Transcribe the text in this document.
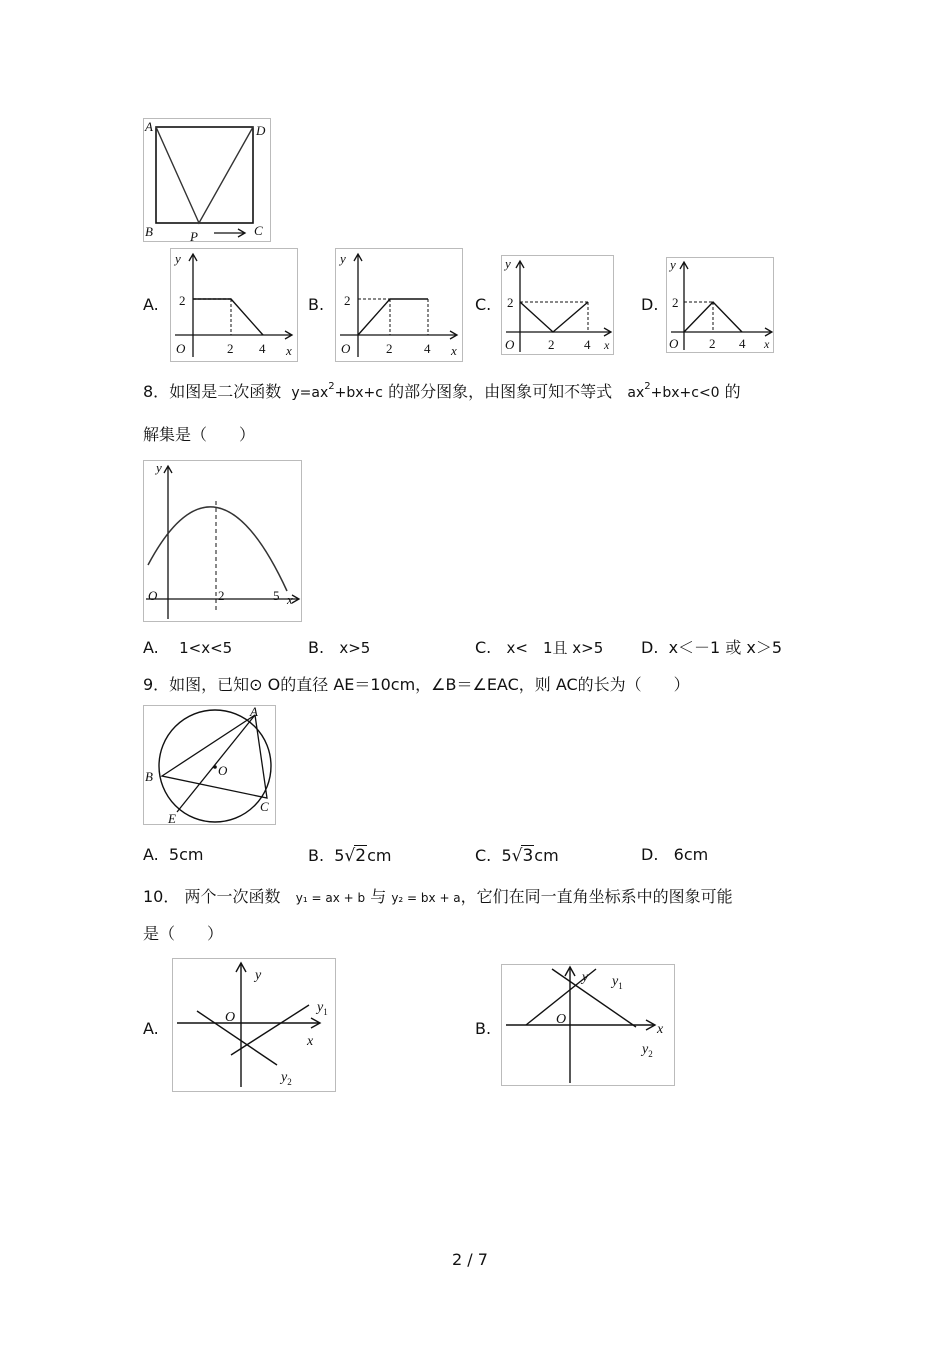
A	D
B	C
P
A.	B.	C.	D.
y
2
O	2 4 x
y
2
O	2 4 x
y
2
O	2 4 x
y
2
O 2 4 x
8．如图是二次函数 $y=ax^2+bx+c$ 的部分图象，由图象可知不等式 $ax^2+bx+c<0$ 的
解集是（　　）
y
O	2	5 x
A. 1<x<5	B. x>5	C. x<　1且 x>5 D. x＜－1 或 x＞5
9．如图，已知⊙ O的直径 AE＝10cm，∠B＝∠EAC，则 AC的长为（　　）
A
B	O
C
E
A. 5cm	B. 5√2cm	C. 5√3cm	D. 6cm
10． 两个一次函数 y₁ = ax + b 与 y₂ = bx + a，它们在同一直角坐标系中的图象可能
是（　　）
A.	B.
y
O
x
$y_1$
$y_2$
y
O
x
$y_1$
$y_2$
2 / 7
